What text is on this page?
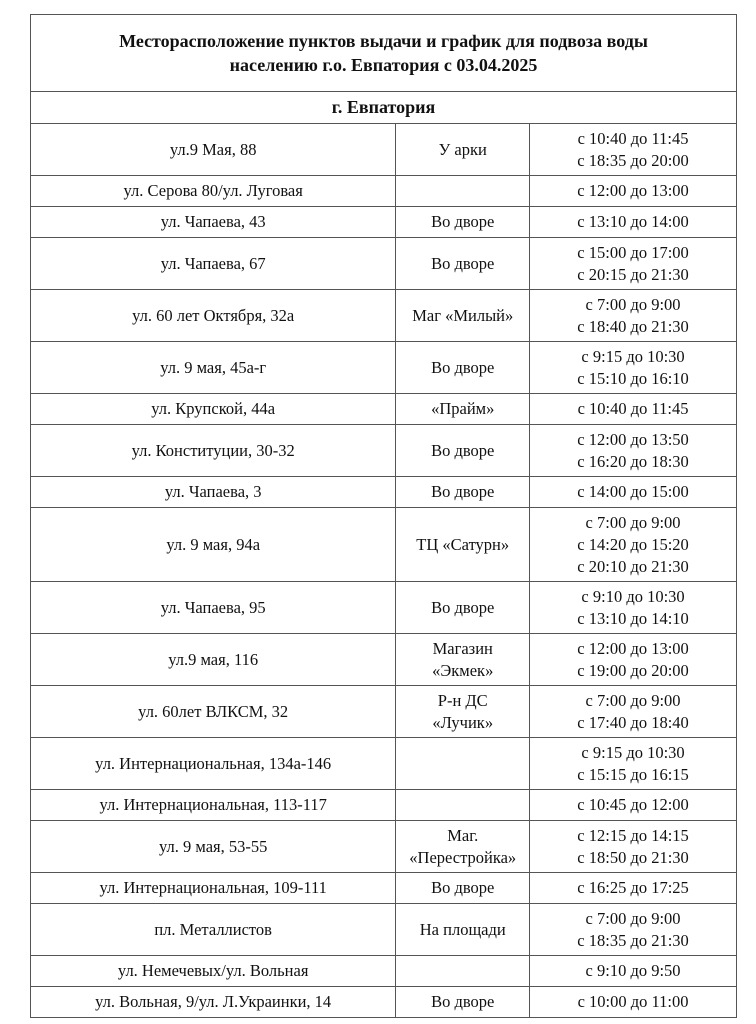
Месторасположение пунктов выдачи и график для подвоза воды
населению г.о. Евпатория с 03.04.2025
г. Евпатория
ул.9 Мая, 88	У арки	с 10:40 до 11:45
с 18:35 до 20:00

ул. Серова 80/ул. Луговая		с 12:00 до 13:00

ул. Чапаева, 43	Во дворе	с 13:10 до 14:00

ул. Чапаева, 67	Во дворе	с 15:00 до 17:00
с 20:15 до 21:30

ул. 60 лет Октября, 32а	Маг «Милый»	с 7:00 до 9:00
с 18:40 до 21:30

ул. 9 мая, 45а-г	Во дворе	с 9:15 до 10:30
с 15:10 до 16:10

ул. Крупской, 44а	«Прайм»	с 10:40 до 11:45

ул. Конституции, 30-32	Во дворе	с 12:00 до 13:50
с 16:20 до 18:30

ул. Чапаева, 3	Во дворе	с 14:00 до 15:00

ул. 9 мая, 94а	ТЦ «Сатурн»	с 7:00 до 9:00
с 14:20 до 15:20
с 20:10 до 21:30

ул. Чапаева, 95	Во дворе	с 9:10 до 10:30
с 13:10 до 14:10

ул.9 мая, 116	Магазин
«Экмек»	с 12:00 до 13:00
с 19:00 до 20:00

ул. 60лет ВЛКСМ, 32	Р-н ДС
«Лучик»	с 7:00 до 9:00
с 17:40 до 18:40

ул. Интернациональная, 134а-146		с 9:15 до 10:30
с 15:15 до 16:15

ул. Интернациональная, 113-117		с 10:45 до 12:00

ул. 9 мая, 53-55	Маг.
«Перестройка»	с 12:15 до 14:15
с 18:50 до 21:30

ул. Интернациональная, 109-111	Во дворе	с 16:25 до 17:25

пл. Металлистов	На площади	с 7:00 до 9:00
с 18:35 до 21:30

ул. Немечевых/ул. Вольная		с 9:10 до 9:50

ул. Вольная, 9/ул. Л.Украинки, 14	Во дворе	с 10:00 до 11:00
